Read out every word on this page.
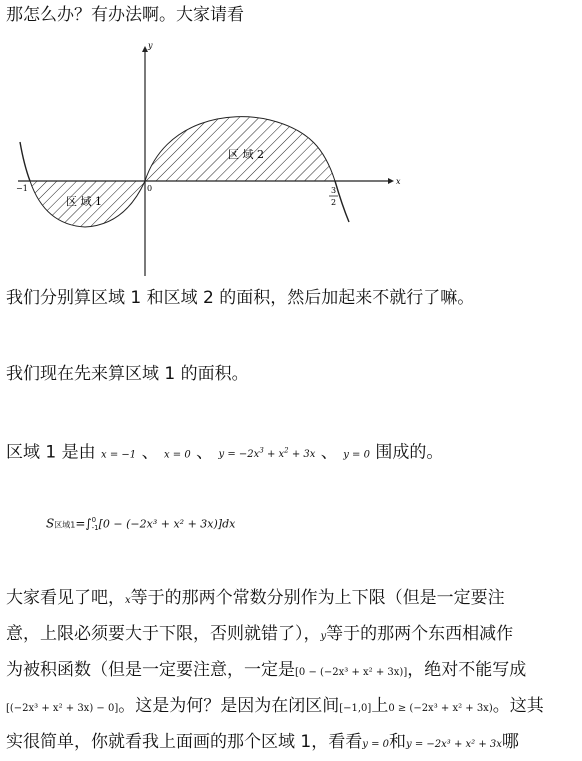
那怎么办？有办法啊。大家请看
y
x
−1	0	3
2
区 域 1
区 域 2
我们分别算区域 1 和区域 2 的面积，然后加起来不就行了嘛。
我们现在先来算区域 1 的面积。
区域 1 是由 x = −1 、 x = 0 、 $y = -2x^3 + x^2 + 3x$ 、 y = 0 围成的。
S区域1=∫ 0
-1 [0 − (−2x³ + x² + 3x)]dx
大家看见了吧，x等于的那两个常数分别作为上下限（但是一定要注
意，上限必须要大于下限，否则就错了），y等于的那两个东西相减作
为被积函数（但是一定要注意，一定是[0 − (−2x³ + x² + 3x)]，绝对不能写成
[(−2x³ + x² + 3x) − 0]。这是为何？是因为在闭区间[−1,0]上0 ≥ (−2x³ + x² + 3x)。这其
实很简单，你就看我上面画的那个区域 1，看看y = 0和y = −2x³ + x² + 3x哪
